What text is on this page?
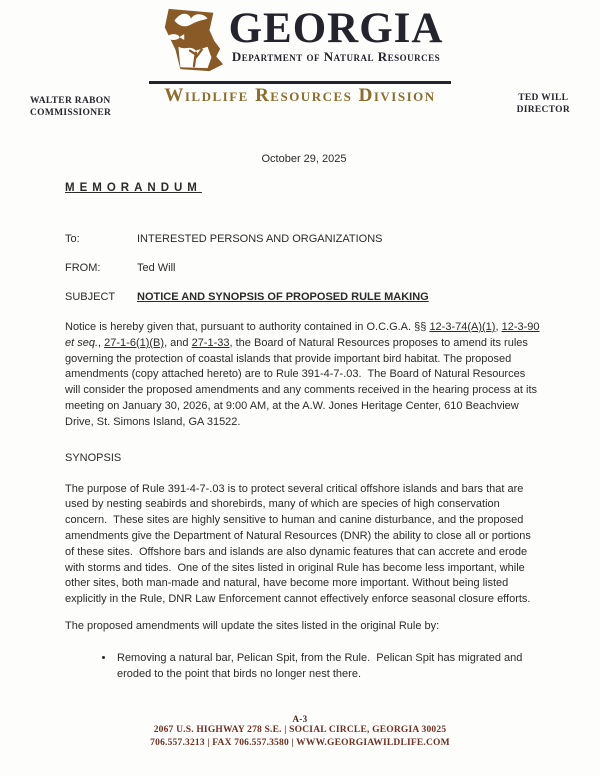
GEORGIA
Department of Natural Resources
Wildlife Resources Division
WALTER RABON
COMMISSIONER
TED WILL
DIRECTOR
October 29, 2025
MEMORANDUM
To:	INTERESTED PERSONS AND ORGANIZATIONS
FROM:	Ted Will
SUBJECT	NOTICE AND SYNOPSIS OF PROPOSED RULE MAKING

Notice is hereby given that, pursuant to authority contained in O.C.G.A. §§ 12-3-74(A)(1), 12-3-90 et seq., 27-1-6(1)(B), and 27-1-33, the Board of Natural Resources proposes to amend its rules governing the protection of coastal islands that provide important bird habitat. The proposed amendments (copy attached hereto) are to Rule 391-4-7-.03.  The Board of Natural Resources will consider the proposed amendments and any comments received in the hearing process at its meeting on January 30, 2026, at 9:00 AM, at the A.W. Jones Heritage Center, 610 Beachview Drive, St. Simons Island, GA 31522.

SYNOPSIS

The purpose of Rule 391-4-7-.03 is to protect several critical offshore islands and bars that are used by nesting seabirds and shorebirds, many of which are species of high conservation concern.  These sites are highly sensitive to human and canine disturbance, and the proposed amendments give the Department of Natural Resources (DNR) the ability to close all or portions of these sites.  Offshore bars and islands are also dynamic features that can accrete and erode with storms and tides.  One of the sites listed in original Rule has become less important, while other sites, both man-made and natural, have become more important. Without being listed explicitly in the Rule, DNR Law Enforcement cannot effectively enforce seasonal closure efforts.

The proposed amendments will update the sites listed in the original Rule by:

• Removing a natural bar, Pelican Spit, from the Rule.  Pelican Spit has migrated and eroded to the point that birds no longer nest there.
A-3
2067 U.S. HIGHWAY 278 S.E. | SOCIAL CIRCLE, GEORGIA 30025
706.557.3213 | FAX 706.557.3580 | WWW.GEORGIAWILDLIFE.COM
